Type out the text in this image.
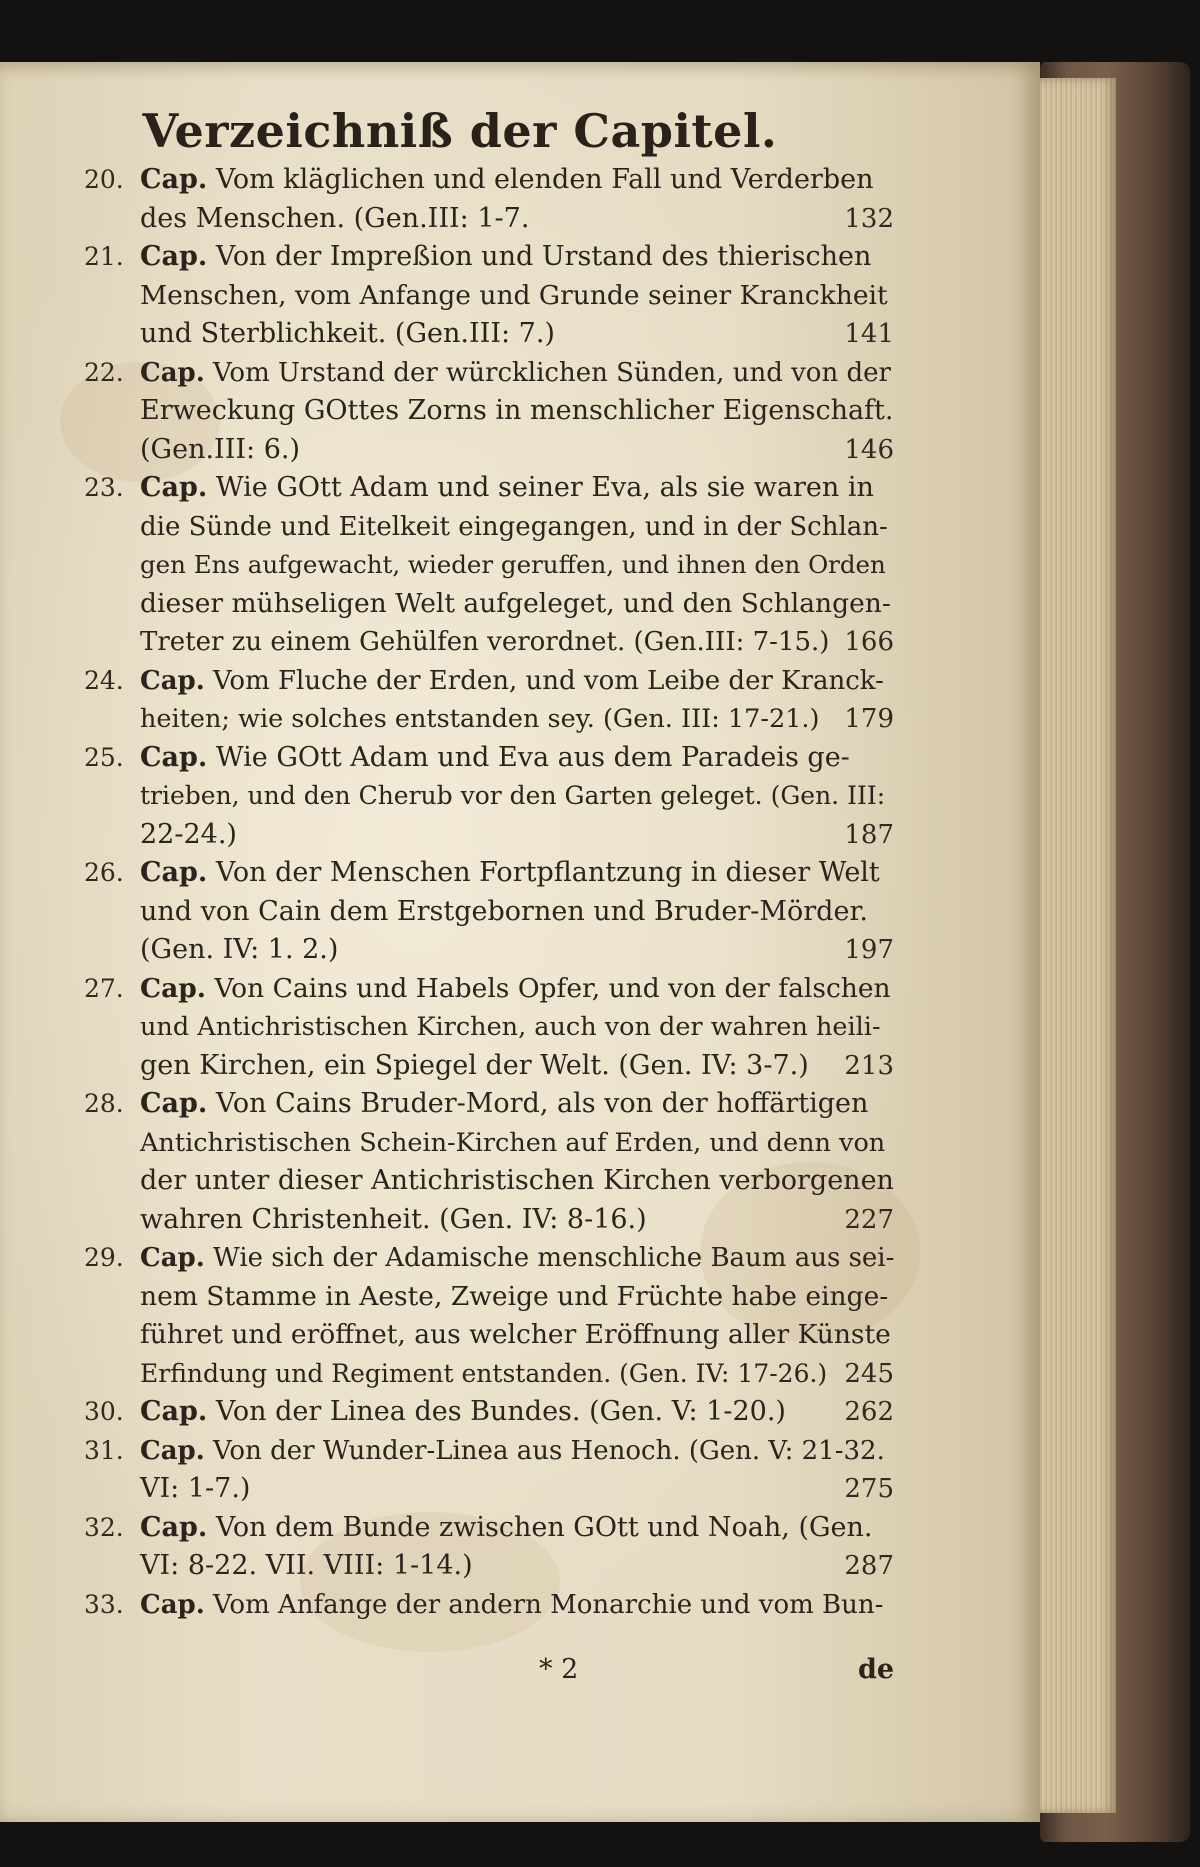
Verzeichniß der Capitel.
20. Cap. Vom kläglichen und elenden Fall und Verderben
des Menschen. (Gen.III: 1-7.	132
21. Cap. Von der Impreßion und Urstand des thierischen
Menschen, vom Anfange und Grunde seiner Kranckheit
und Sterblichkeit. (Gen.III: 7.)	141
22. Cap. Vom Urstand der würcklichen Sünden, und von der
Erweckung GOttes Zorns in menschlicher Eigenschaft.
(Gen.III: 6.)	146
23. Cap. Wie GOtt Adam und seiner Eva, als sie waren in
die Sünde und Eitelkeit eingegangen, und in der Schlan-
gen Ens aufgewacht, wieder geruffen, und ihnen den Orden
dieser mühseligen Welt aufgeleget, und den Schlangen-
Treter zu einem Gehülfen verordnet. (Gen.III: 7-15.) 166
24. Cap. Vom Fluche der Erden, und vom Leibe der Kranck-
heiten; wie solches entstanden sey. (Gen. III: 17-21.) 179
25. Cap. Wie GOtt Adam und Eva aus dem Paradeis ge-
trieben, und den Cherub vor den Garten geleget. (Gen. III:
22-24.)	187
26. Cap. Von der Menschen Fortpflantzung in dieser Welt
und von Cain dem Erstgebornen und Bruder-Mörder.
(Gen. IV: 1. 2.)	197
27. Cap. Von Cains und Habels Opfer, und von der falschen
und Antichristischen Kirchen, auch von der wahren heili-
gen Kirchen, ein Spiegel der Welt. (Gen. IV: 3-7.) 213
28. Cap. Von Cains Bruder-Mord, als von der hoffärtigen
Antichristischen Schein-Kirchen auf Erden, und denn von
der unter dieser Antichristischen Kirchen verborgenen
wahren Christenheit. (Gen. IV: 8-16.)	227
29. Cap. Wie sich der Adamische menschliche Baum aus sei-
nem Stamme in Aeste, Zweige und Früchte habe einge-
führet und eröffnet, aus welcher Eröffnung aller Künste
Erfindung und Regiment entstanden. (Gen. IV: 17-26.) 245
30. Cap. Von der Linea des Bundes. (Gen. V: 1-20.) 262
31. Cap. Von der Wunder-Linea aus Henoch. (Gen. V: 21-32.
VI: 1-7.)	275
32. Cap. Von dem Bunde zwischen GOtt und Noah, (Gen.
VI: 8-22. VII. VIII: 1-14.)	287
33. Cap. Vom Anfange der andern Monarchie und vom Bun-
* 2	de
